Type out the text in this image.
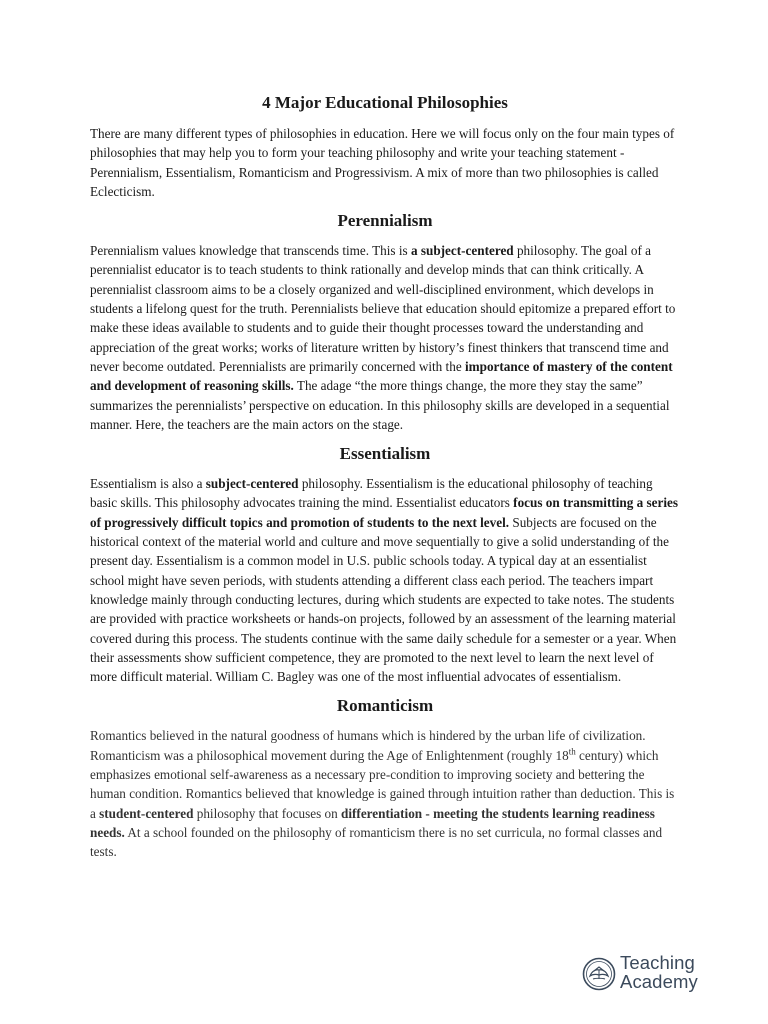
4 Major Educational Philosophies

There are many different types of philosophies in education. Here we will focus only on the four main types of philosophies that may help you to form your teaching philosophy and write your teaching statement - Perennialism, Essentialism, Romanticism and Progressivism. A mix of more than two philosophies is called Eclecticism.

Perennialism

Perennialism values knowledge that transcends time. This is a subject-centered philosophy. The goal of a perennialist educator is to teach students to think rationally and develop minds that can think critically. A perennialist classroom aims to be a closely organized and well-disciplined environment, which develops in students a lifelong quest for the truth. Perennialists believe that education should epitomize a prepared effort to make these ideas available to students and to guide their thought processes toward the understanding and appreciation of the great works; works of literature written by history’s finest thinkers that transcend time and never become outdated. Perennialists are primarily concerned with the importance of mastery of the content and development of reasoning skills. The adage “the more things change, the more they stay the same” summarizes the perennialists’ perspective on education. In this philosophy skills are developed in a sequential manner. Here, the teachers are the main actors on the stage.

Essentialism

Essentialism is also a subject-centered philosophy. Essentialism is the educational philosophy of teaching basic skills. This philosophy advocates training the mind. Essentialist educators focus on transmitting a series of progressively difficult topics and promotion of students to the next level. Subjects are focused on the historical context of the material world and culture and move sequentially to give a solid understanding of the present day. Essentialism is a common model in U.S. public schools today. A typical day at an essentialist school might have seven periods, with students attending a different class each period. The teachers impart knowledge mainly through conducting lectures, during which students are expected to take notes. The students are provided with practice worksheets or hands-on projects, followed by an assessment of the learning material covered during this process. The students continue with the same daily schedule for a semester or a year. When their assessments show sufficient competence, they are promoted to the next level to learn the next level of more difficult material. William C. Bagley was one of the most influential advocates of essentialism.

Romanticism

Romantics believed in the natural goodness of humans which is hindered by the urban life of civilization. Romanticism was a philosophical movement during the Age of Enlightenment (roughly 18th century) which emphasizes emotional self-awareness as a necessary pre-condition to improving society and bettering the human condition. Romantics believed that knowledge is gained through intuition rather than deduction. This is a student-centered philosophy that focuses on differentiation - meeting the students learning readiness needs. At a school founded on the philosophy of romanticism there is no set curricula, no formal classes and tests.

Teaching
Academy
